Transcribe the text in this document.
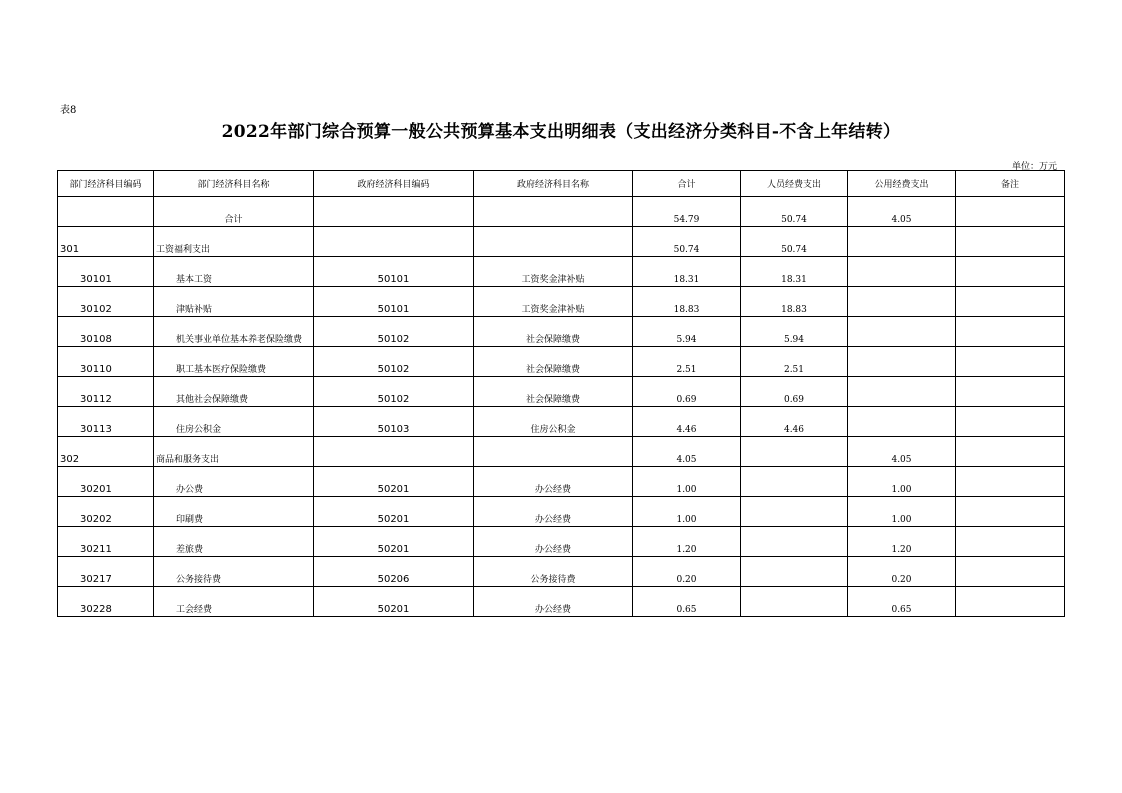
表8
2022年部门综合预算一般公共预算基本支出明细表（支出经济分类科目-不含上年结转）
单位：万元
部门经济科目编码	部门经济科目名称	政府经济科目编码	政府经济科目名称	合计	人员经费支出	公用经费支出	备注

	合计			54.79	50.74	4.05	

301	工资福利支出			50.74	50.74		

30101	基本工资	50101	工资奖金津补贴	18.31	18.31		

30102	津贴补贴	50101	工资奖金津补贴	18.83	18.83		

30108	机关事业单位基本养老保险缴费	50102	社会保障缴费	5.94	5.94		

30110	职工基本医疗保险缴费	50102	社会保障缴费	2.51	2.51		

30112	其他社会保障缴费	50102	社会保障缴费	0.69	0.69		

30113	住房公积金	50103	住房公积金	4.46	4.46		

302	商品和服务支出			4.05		4.05	

30201	办公费	50201	办公经费	1.00		1.00	

30202	印刷费	50201	办公经费	1.00		1.00	

30211	差旅费	50201	办公经费	1.20		1.20	

30217	公务接待费	50206	公务接待费	0.20		0.20	

30228	工会经费	50201	办公经费	0.65		0.65	
